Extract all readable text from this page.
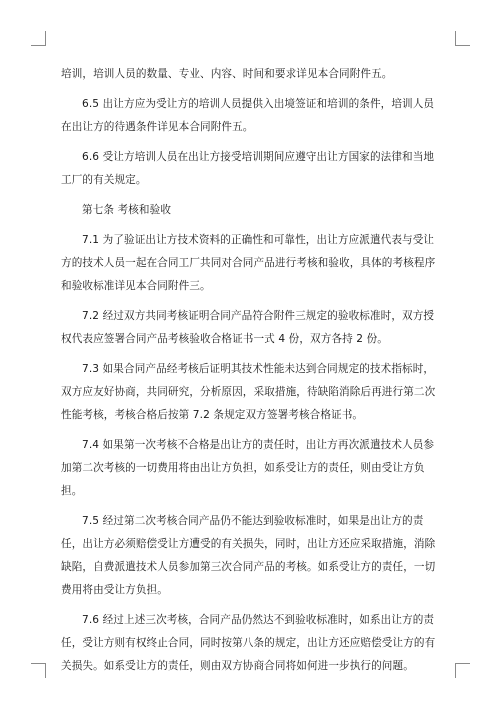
培训，培训人员的数量、专业、内容、时间和要求详见本合同附件五。

6.5 出让方应为受让方的培训人员提供入出境签证和培训的条件，培训人员在出让方的待遇条件详见本合同附件五。

6.6 受让方培训人员在出让方接受培训期间应遵守出让方国家的法律和当地工厂的有关规定。

第七条 考核和验收

7.1 为了验证出让方技术资料的正确性和可靠性，出让方应派遣代表与受让方的技术人员一起在合同工厂共同对合同产品进行考核和验收，具体的考核程序和验收标准详见本合同附件三。

7.2 经过双方共同考核证明合同产品符合附件三规定的验收标准时，双方授权代表应签署合同产品考核验收合格证书一式 4 份，双方各持 2 份。

7.3 如果合同产品经考核后证明其技术性能未达到合同规定的技术指标时，双方应友好协商，共同研究，分析原因，采取措施，待缺陷消除后再进行第二次性能考核，考核合格后按第 7.2 条规定双方签署考核合格证书。

7.4 如果第一次考核不合格是出让方的责任时，出让方再次派遣技术人员参加第二次考核的一切费用将由出让方负担，如系受让方的责任，则由受让方负担。

7.5 经过第二次考核合同产品仍不能达到验收标准时，如果是出让方的责任，出让方必须赔偿受让方遭受的有关损失，同时，出让方还应采取措施，消除缺陷，自费派遣技术人员参加第三次合同产品的考核。如系受让方的责任，一切费用将由受让方负担。

7.6 经过上述三次考核，合同产品仍然达不到验收标准时，如系出让方的责任，受让方则有权终止合同，同时按第八条的规定，出让方还应赔偿受让方的有关损失。如系受让方的责任，则由双方协商合同将如何进一步执行的问题。
